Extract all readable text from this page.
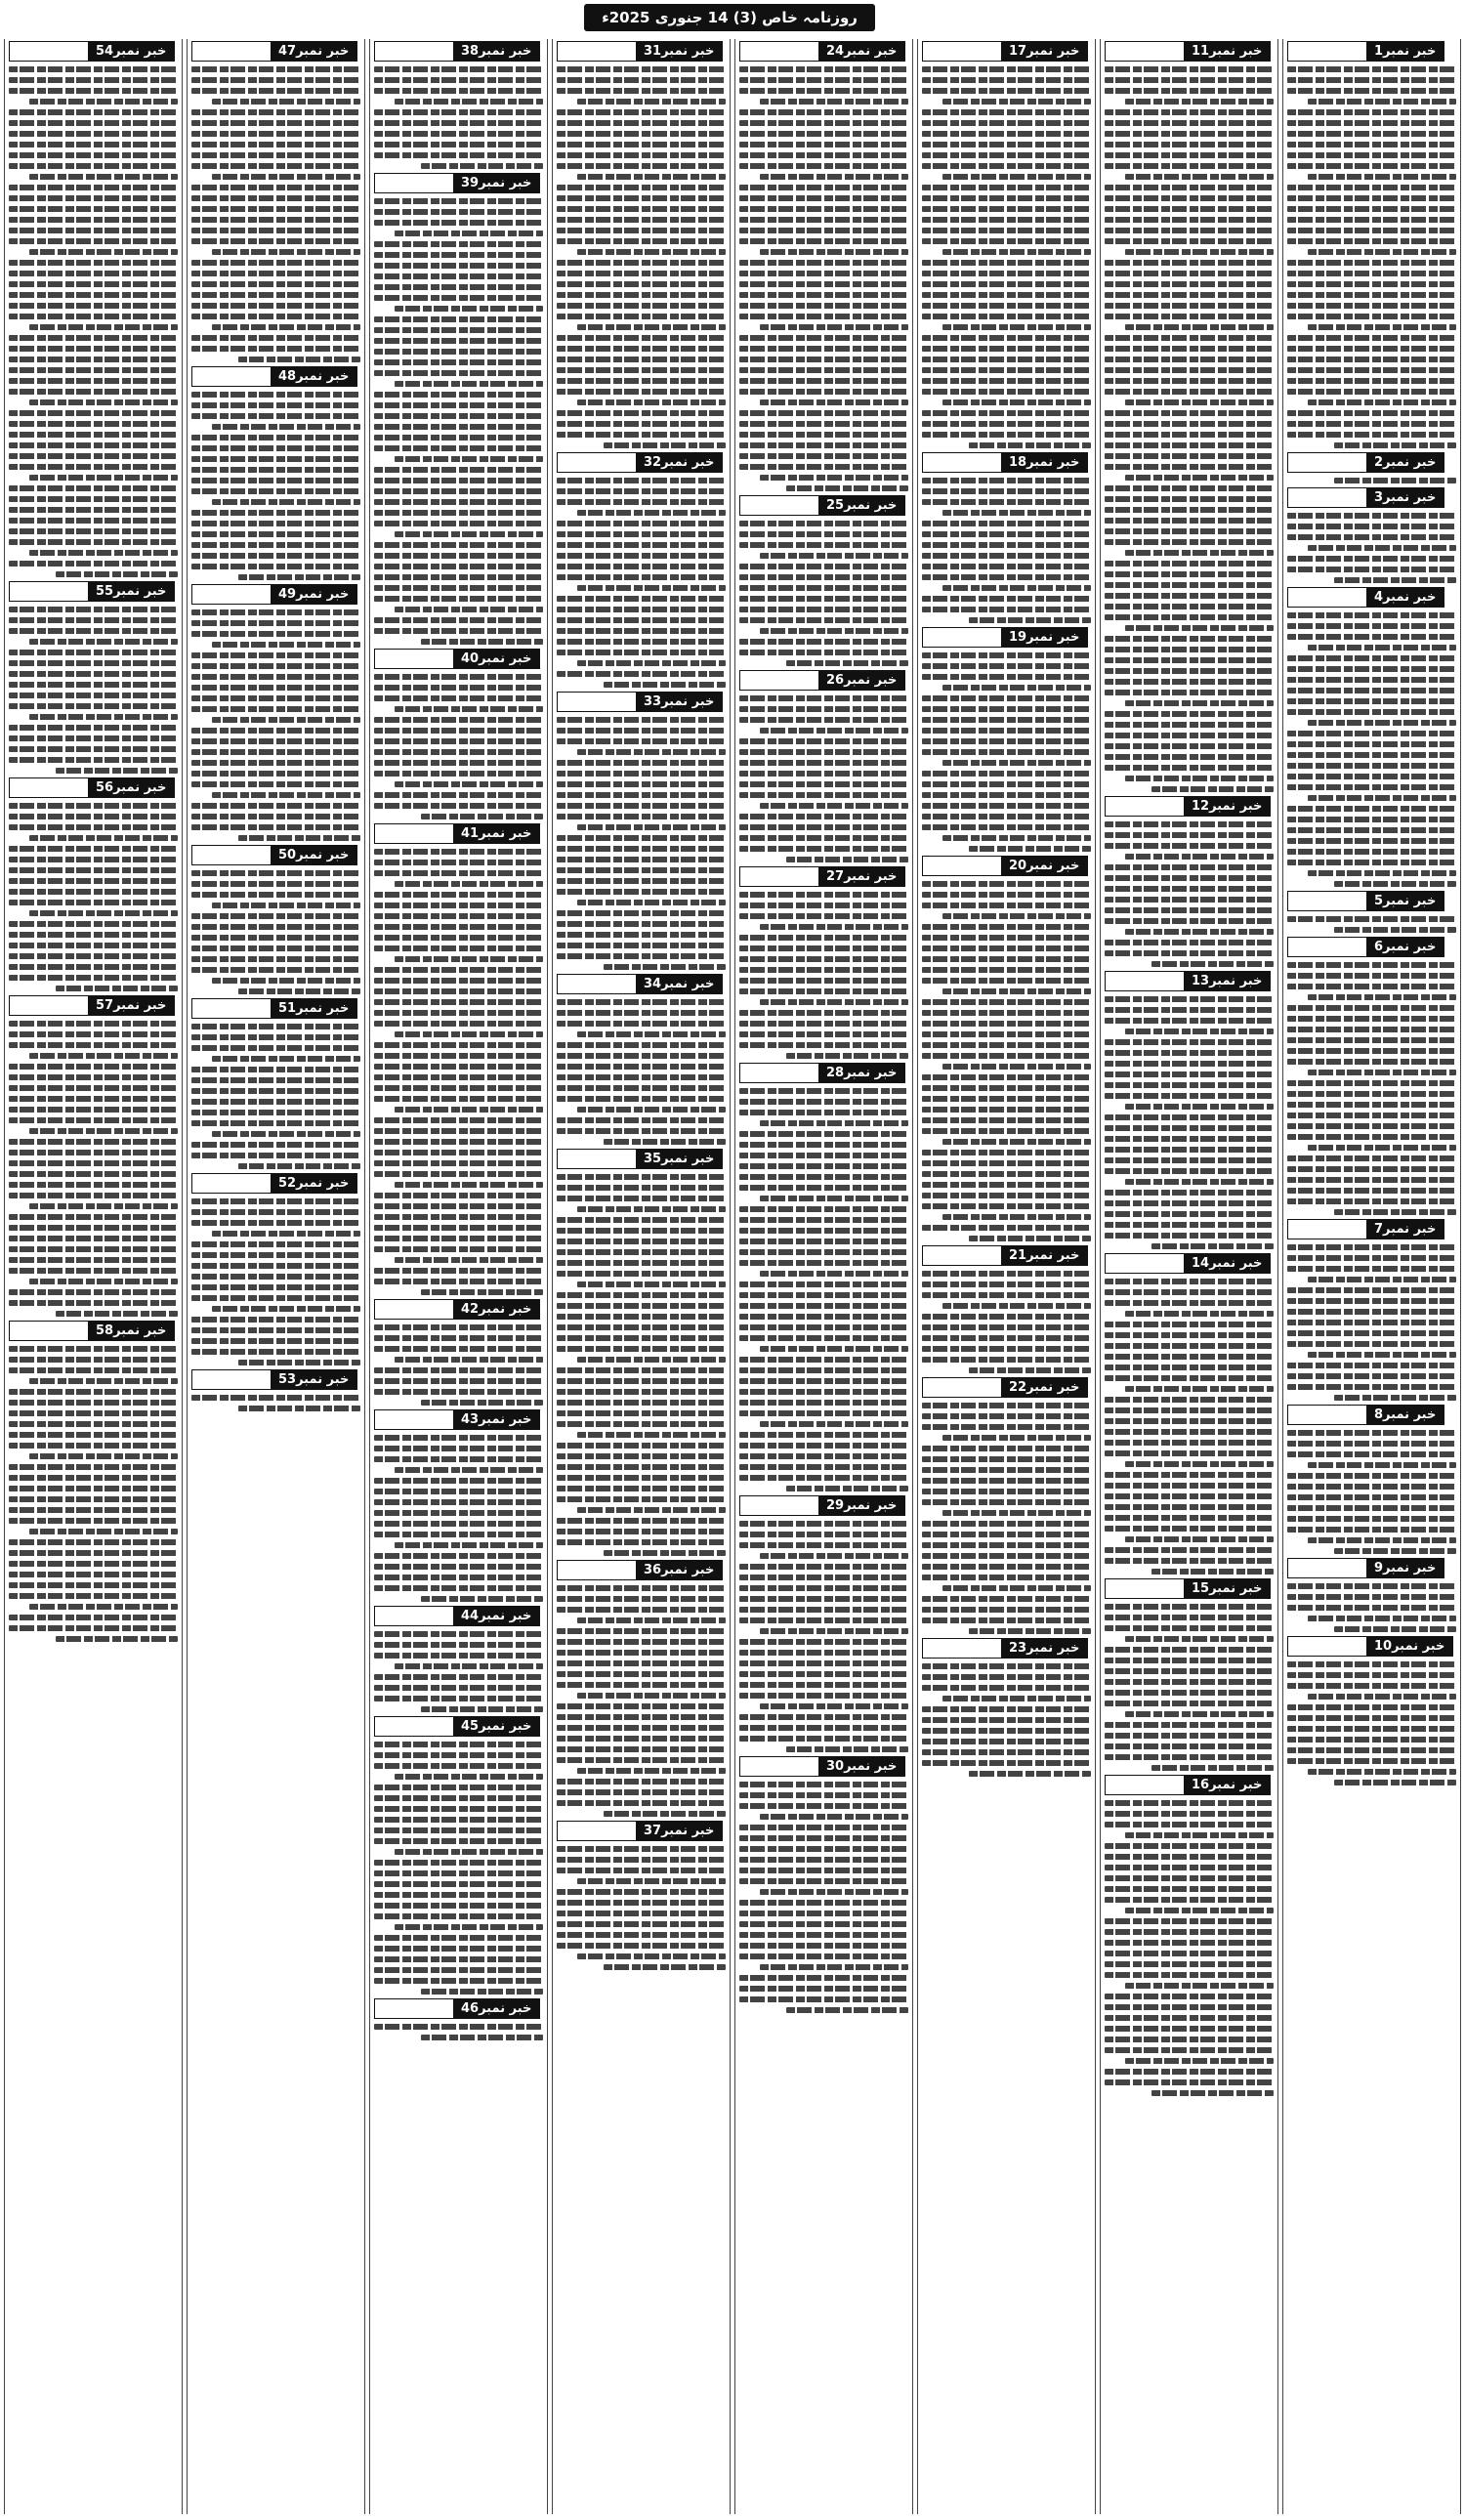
روزنامہ خاص (3) 14 جنوری 2025ء
خبر نمبر1
خبر نمبر2
خبر نمبر3
خبر نمبر4
خبر نمبر5
خبر نمبر6
خبر نمبر7
خبر نمبر8
خبر نمبر9
خبر نمبر10
خبر نمبر11
خبر نمبر12
خبر نمبر13
خبر نمبر14
خبر نمبر15
خبر نمبر16
خبر نمبر17
خبر نمبر18
خبر نمبر19
خبر نمبر20
خبر نمبر21
خبر نمبر22
خبر نمبر23
خبر نمبر24
خبر نمبر25
خبر نمبر26
خبر نمبر27
خبر نمبر28
خبر نمبر29
خبر نمبر30
خبر نمبر31
خبر نمبر32
خبر نمبر33
خبر نمبر34
خبر نمبر35
خبر نمبر36
خبر نمبر37
خبر نمبر38
خبر نمبر39
خبر نمبر40
خبر نمبر41
خبر نمبر42
خبر نمبر43
خبر نمبر44
خبر نمبر45
خبر نمبر46
خبر نمبر47
خبر نمبر48
خبر نمبر49
خبر نمبر50
خبر نمبر51
خبر نمبر52
خبر نمبر53
خبر نمبر54
خبر نمبر55
خبر نمبر56
خبر نمبر57
خبر نمبر58
